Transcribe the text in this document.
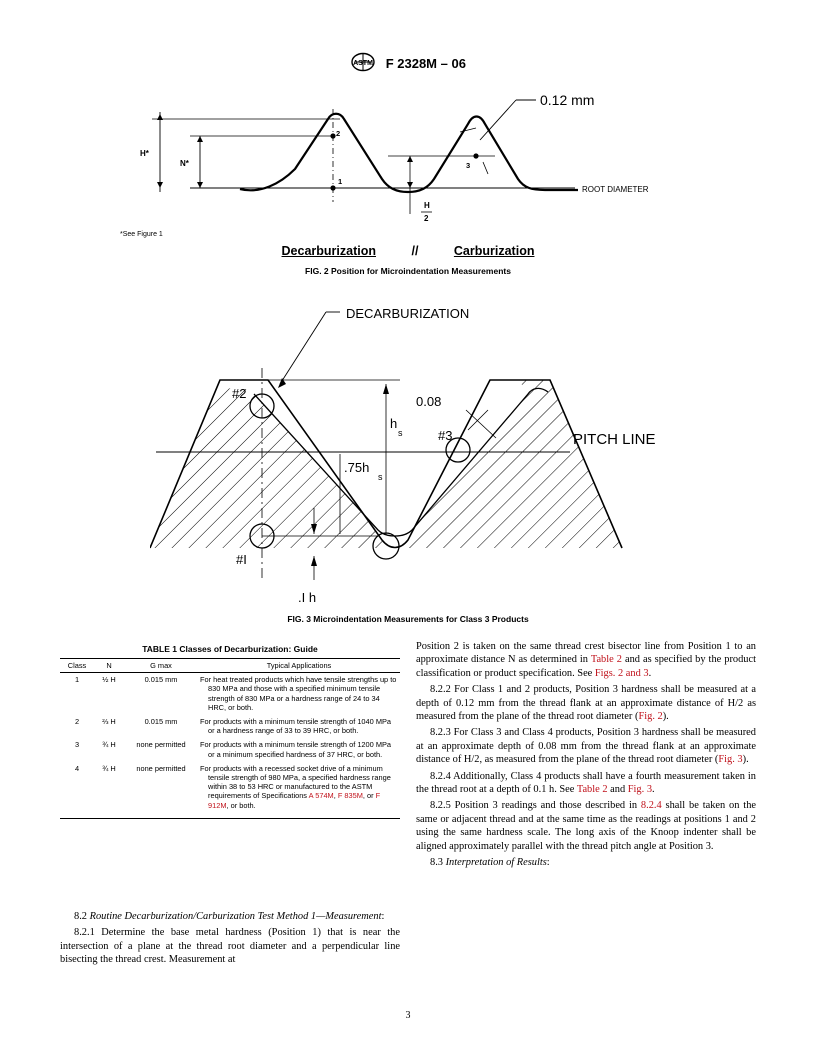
ASTM F 2328M – 06
0.12 mm
H*
N*
ROOT DIAMETER
1
2
3
H
2
*See Figure 1
Decarburization	//	Carburization
FIG. 2 Position for Microindentation Measurements
PITCH LINE
h
s
.75h
s
.I h
#2
#I
#3
0.08
DECARBURIZATION
FIG. 3 Microindentation Measurements for Class 3 Products
TABLE 1 Classes of Decarburization: Guide
Class	N	G max	Typical Applications
1	½ H	0.015 mm	For heat treated products which have tensile strengths up to 830 MPa and those with a specified minimum tensile strength of 830 MPa or a hardness range of 24 to 34 HRC, or both.

2	⅔ H	0.015 mm	For products with a minimum tensile strength of 1040 MPa or a hardness range of 33 to 39 HRC, or both.

3	¾ H	none permitted	For products with a minimum tensile strength of 1200 MPa or a minimum specified hardness of 37 HRC, or both.

4	¾ H	none permitted	For products with a recessed socket drive of a minimum tensile strength of 980 MPa, a specified hardness range within 38 to 53 HRC or manufactured to the ASTM requirements of Specifications A 574M, F 835M, or F 912M, or both.

8.2 Routine Decarburization/Carburization Test Method 1—Measurement:

8.2.1 Determine the base metal hardness (Position 1) that is near the intersection of a plane at the thread root diameter and a perpendicular line bisecting the thread crest. Measurement at

Position 2 is taken on the same thread crest bisector line from Position 1 to an approximate distance N as determined in Table 2 and as specified by the product classification or product specification. See Figs. 2 and 3.

8.2.2 For Class 1 and 2 products, Position 3 hardness shall be measured at a depth of 0.12 mm from the thread flank at an approximate distance of H/2 as measured from the plane of the thread root diameter (Fig. 2).

8.2.3 For Class 3 and Class 4 products, Position 3 hardness shall be measured at an approximate depth of 0.08 mm from the thread flank at an approximate distance of H/2, as measured from the plane of the thread root diameter (Fig. 3).

8.2.4 Additionally, Class 4 products shall have a fourth measurement taken in the thread root at a depth of 0.1 h. See Table 2 and Fig. 3.

8.2.5 Position 3 readings and those described in 8.2.4 shall be taken on the same or adjacent thread and at the same time as the readings at positions 1 and 2 using the same hardness scale. The long axis of the Knoop indenter shall be aligned approximately parallel with the thread pitch angle at Position 3.

8.3 Interpretation of Results:

3
